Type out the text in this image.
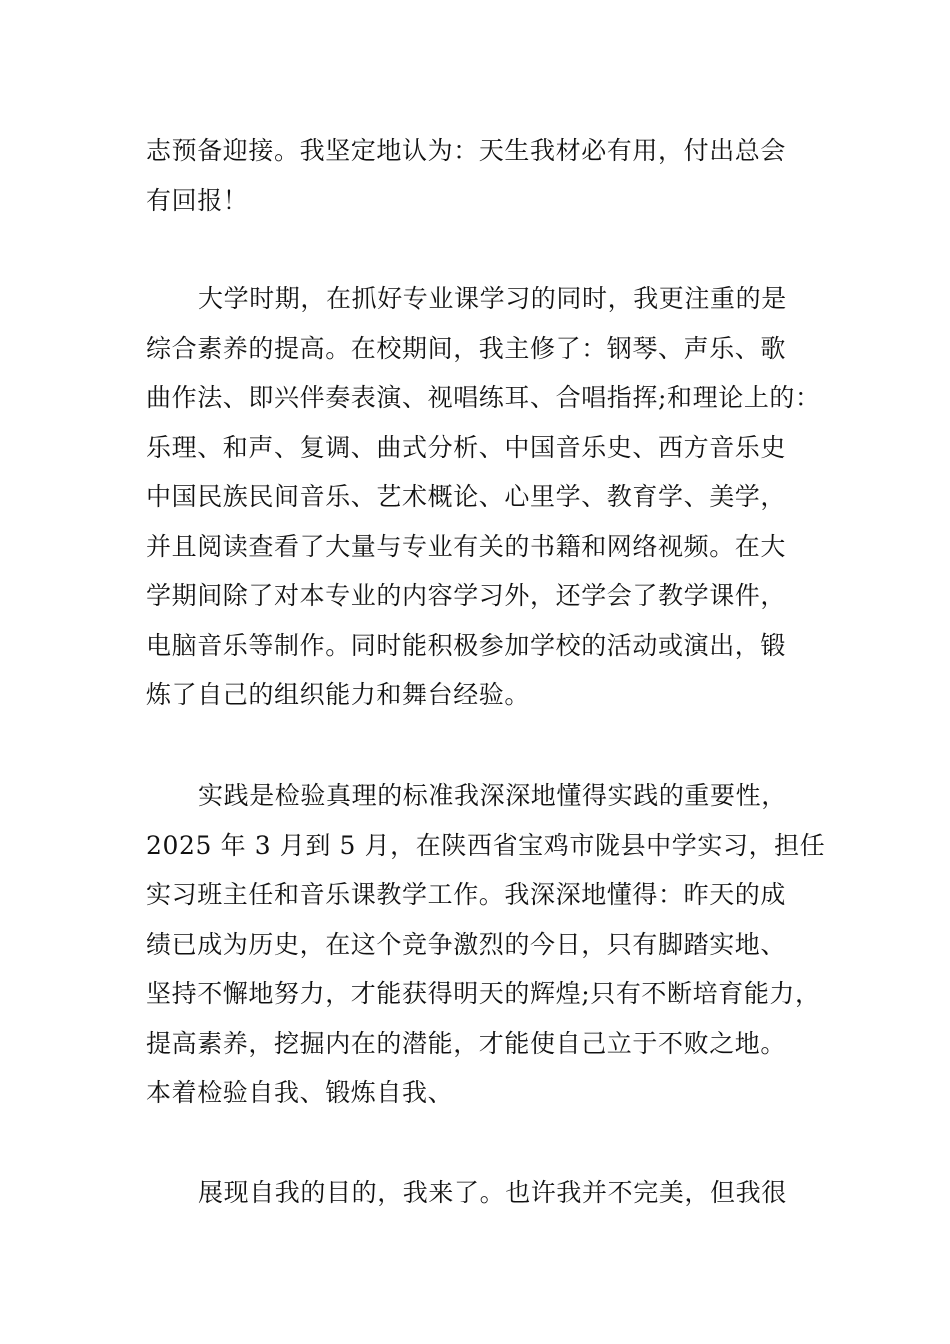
志预备迎接。我坚定地认为：天生我材必有用，付出总会
有回报！
大学时期，在抓好专业课学习的同时，我更注重的是
综合素养的提高。在校期间，我主修了：钢琴、声乐、歌
曲作法、即兴伴奏表演、视唱练耳、合唱指挥;和理论上的：
乐理、和声、复调、曲式分析、中国音乐史、西方音乐史
中国民族民间音乐、艺术概论、心里学、教育学、美学，
并且阅读查看了大量与专业有关的书籍和网络视频。在大
学期间除了对本专业的内容学习外，还学会了教学课件，
电脑音乐等制作。同时能积极参加学校的活动或演出，锻
炼了自己的组织能力和舞台经验。
实践是检验真理的标准我深深地懂得实践的重要性，
2025 年 3 月到 5 月，在陕西省宝鸡市陇县中学实习，担任
实习班主任和音乐课教学工作。我深深地懂得：昨天的成
绩已成为历史，在这个竞争激烈的今日，只有脚踏实地、
坚持不懈地努力，才能获得明天的辉煌;只有不断培育能力，
提高素养，挖掘内在的潜能，才能使自己立于不败之地。
本着检验自我、锻炼自我、
展现自我的目的，我来了。也许我并不完美，但我很
